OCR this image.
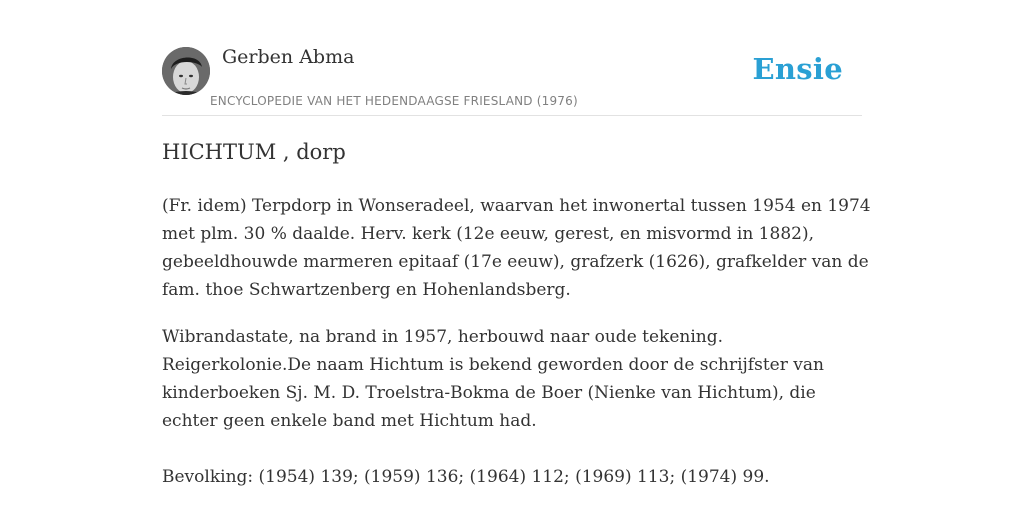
Gerben Abma
ENCYCLOPEDIE VAN HET HEDENDAAGSE FRIESLAND (1976)
Ensie
HICHTUM , dorp

(Fr. idem) Terpdorp in Wonseradeel, waarvan het inwonertal tussen 1954 en 1974
met plm. 30 % daalde. Herv. kerk (12e eeuw, gerest, en misvormd in 1882),
gebeeldhouwde marmeren epitaaf (17e eeuw), grafzerk (1626), grafkelder van de
fam. thoe Schwartzenberg en Hohenlandsberg.

Wibrandastate, na brand in 1957, herbouwd naar oude tekening.
Reigerkolonie.De naam Hichtum is bekend geworden door de schrijfster van
kinderboeken Sj. M. D. Troelstra-Bokma de Boer (Nienke van Hichtum), die
echter geen enkele band met Hichtum had.

Bevolking: (1954) 139; (1959) 136; (1964) 112; (1969) 113; (1974) 99.
